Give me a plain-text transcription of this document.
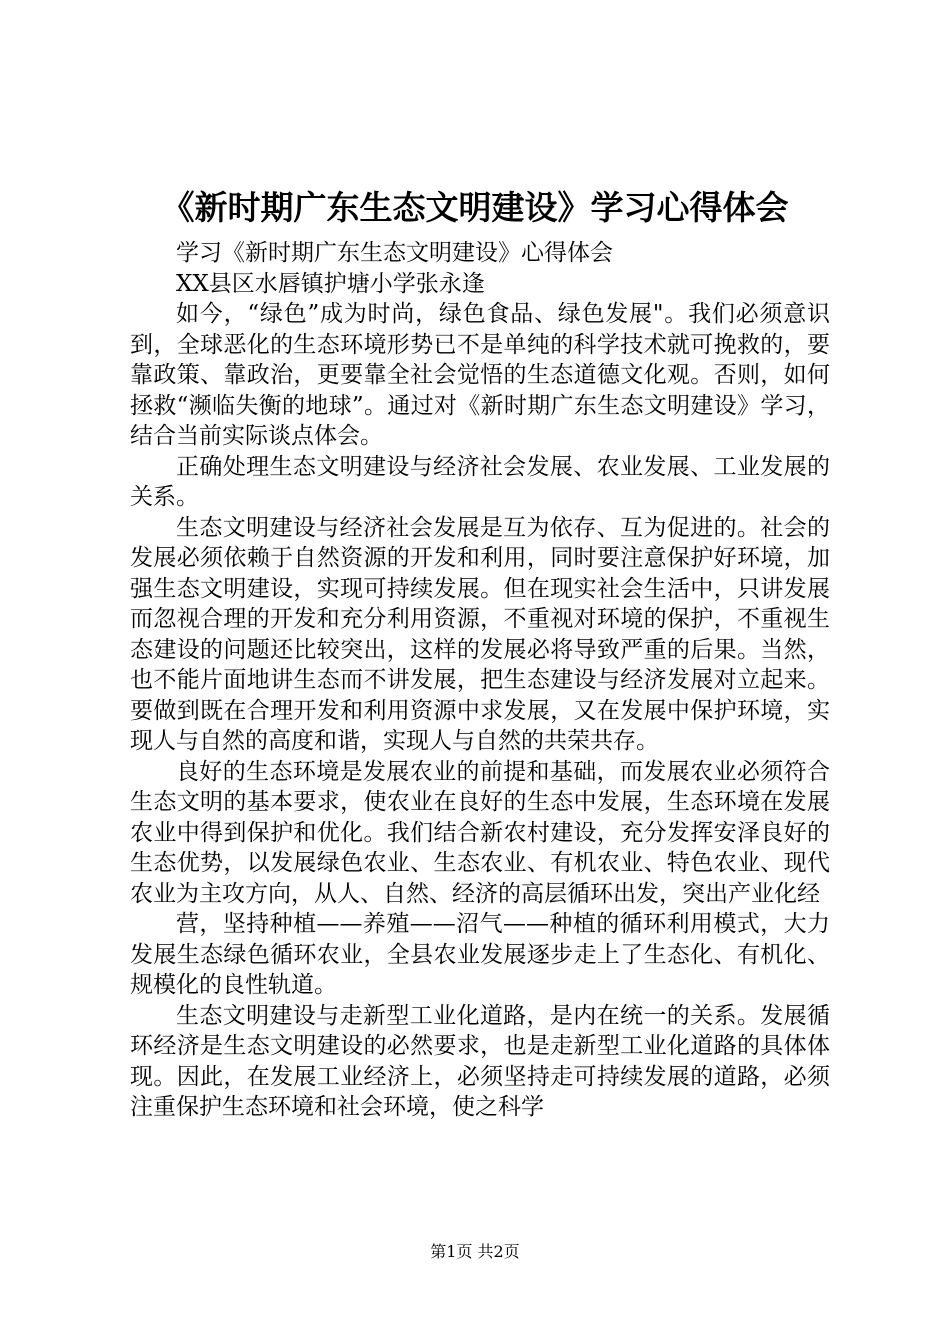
《新时期广东生态文明建设》学习心得体会

学习《新时期广东生态文明建设》心得体会

XX县区水唇镇护塘小学张永逢

如今，“绿色”成为时尚，绿色食品、绿色发展"。我们必须意识到，全球恶化的生态环境形势已不是单纯的科学技术就可挽救的，要靠政策、靠政治，更要靠全社会觉悟的生态道德文化观。否则，如何拯救“濒临失衡的地球”。通过对《新时期广东生态文明建设》学习，结合当前实际谈点体会。

正确处理生态文明建设与经济社会发展、农业发展、工业发展的关系。

生态文明建设与经济社会发展是互为依存、互为促进的。社会的发展必须依赖于自然资源的开发和利用，同时要注意保护好环境，加强生态文明建设，实现可持续发展。但在现实社会生活中，只讲发展而忽视合理的开发和充分利用资源，不重视对环境的保护，不重视生态建设的问题还比较突出，这样的发展必将导致严重的后果。当然，也不能片面地讲生态而不讲发展，把生态建设与经济发展对立起来。要做到既在合理开发和利用资源中求发展，又在发展中保护环境，实现人与自然的高度和谐，实现人与自然的共荣共存。

良好的生态环境是发展农业的前提和基础，而发展农业必须符合生态文明的基本要求，使农业在良好的生态中发展，生态环境在发展农业中得到保护和优化。我们结合新农村建设，充分发挥安泽良好的生态优势，以发展绿色农业、生态农业、有机农业、特色农业、现代农业为主攻方向，从人、自然、经济的高层循环出发，突出产业化经

营，坚持种植——养殖——沼气——种植的循环利用模式，大力发展生态绿色循环农业，全县农业发展逐步走上了生态化、有机化、规模化的良性轨道。

生态文明建设与走新型工业化道路，是内在统一的关系。发展循环经济是生态文明建设的必然要求，也是走新型工业化道路的具体体现。因此，在发展工业经济上，必须坚持走可持续发展的道路，必须注重保护生态环境和社会环境，使之科学

第1页 共2页
